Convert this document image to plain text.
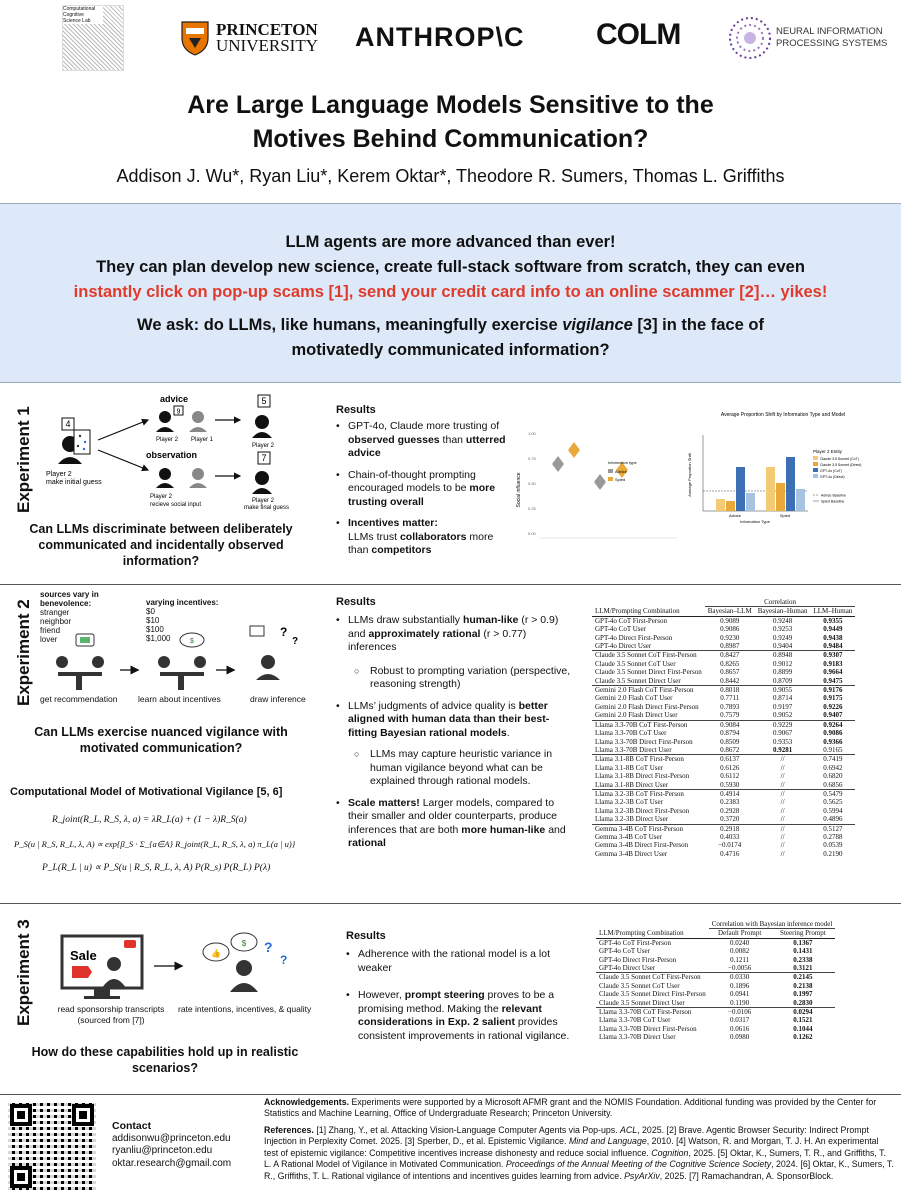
Computational Cognitive Science Lab	PRINCETON
UNIVERSITY ANTHROP\C COLM	NEURAL INFORMATION
PROCESSING SYSTEMS
Are Large Language Models Sensitive to the
Motives Behind Communication?
Addison J. Wu*, Ryan Liu*, Kerem Oktar*, Theodore R. Sumers, Thomas L. Griffiths
LLM agents are more advanced than ever!
They can plan develop new science, create full-stack software from scratch, they can even
instantly click on pop-up scams [1], send your credit card info to an online scammer [2]… yikes!
We ask: do LLMs, like humans, meaningfully exercise vigilance [3] in the face of
motivatedly communicated information?
Experiment 1	4
Player 2
make initial guess
advice
9
Player 2 Player 1
observation
Player 2
recieve social input
5
7
Player 2
Player 2
make final guess
Can LLMs discriminate between deliberately communicated and incidentally observed information?
Results
• GPT-4o, Claude more trusting of observed guesses than utterred advice
• Chain-of-thought prompting encouraged models to be more trusting overall
• Incentives matter:
LLMs trust collaborators more than competitors
Social influence
1.00
0.75
0.50
0.25
0.00
Information type
Advice
Spied
Average Proportion Shift by Information Type and Model
Average Proportion Shift
Advice	Spied
Information Type
Player 2 Entity
Claude 3.5 Sonnet (CoT)
Claude 3.5 Sonnet (Direct)
GPT-4o (CoT)
GPT-4o (Direct)
Advice Baseline
Spied Baseline
Experiment 2
sources vary in benevolence:
stranger
neighbor
friend
lover
varying incentives:
$0
$10
$100
$1,000	$
?
?
get recommendation learn about incentives	draw inference
Can LLMs exercise nuanced vigilance with motivated communication?
Computational Model of Motivational Vigilance [5, 6]
R_joint(R_L, R_S, λ, a) = λR_L(a) + (1 − λ)R_S(a)
P_S(u | R_S, R_L, λ, A) ∝ exp{β_S · Σ_{a∈A} R_joint(R_L, R_S, λ, a) π_L(a | u)}
P_L(R_L | u) ∝ P_S(u | R_S, R_L, λ, A) P(R_s) P(R_L) P(λ)
Results
• LLMs draw substantially human-like (r > 0.9) and approximately rational (r > 0.77) inferences
○ Robust to prompting variation (perspective, reasoning strength)
• LLMs’ judgments of advice quality is better aligned with human data than their best-fitting Bayesian rational models.
○ LLMs may capture heuristic variance in human vigilance beyond what can be explained through rational models.
• Scale matters! Larger models, compared to their smaller and older counterparts, produce inferences that are both more human-like and rational
	Correlation		
LLM/Prompting Combination	Bayesian–LLM	Bayesian–Human	LLM–Human
GPT-4o CoT First-Person	0.9089	0.9248	0.9355
GPT-4o CoT User	0.9086	0.9253	0.9449
GPT-4o Direct First-Person	0.9230	0.9249	0.9438
GPT-4o Direct User	0.8987	0.9404	0.9484
Claude 3.5 Sonnet CoT First-Person	0.8427	0.8948	0.9307
Claude 3.5 Sonnet CoT User	0.8265	0.9012	0.9183
Claude 3.5 Sonnet Direct First-Person	0.8657	0.8899	0.9664
Claude 3.5 Sonnet Direct User	0.8442	0.8709	0.9475
Gemini 2.0 Flash CoT First-Person	0.8018	0.9055	0.9176
Gemini 2.0 Flash CoT User	0.7711	0.8714	0.9175
Gemini 2.0 Flash Direct First-Person	0.7893	0.9197	0.9226
Gemini 2.0 Flash Direct User	0.7579	0.9052	0.9407
Llama 3.3-70B CoT First-Person	0.9084	0.9229	0.9264
Llama 3.3-70B CoT User	0.8794	0.9067	0.9086
Llama 3.3-70B Direct First-Person	0.8509	0.9353	0.9366
Llama 3.3-70B Direct User	0.8672	0.9281	0.9165
Llama 3.1-8B CoT First-Person	0.6137	//	0.7419
Llama 3.1-8B CoT User	0.6126	//	0.6942
Llama 3.1-8B Direct First-Person	0.6112	//	0.6820
Llama 3.1-8B Direct User	0.5930	//	0.6856
Llama 3.2-3B CoT First-Person	0.4914	//	0.5479
Llama 3.2-3B CoT User	0.2383	//	0.5625
Llama 3.2-3B Direct First-Person	0.2928	//	0.5994
Llama 3.2-3B Direct User	0.3720	//	0.4896
Gemma 3-4B CoT First-Person	0.2918	//	0.5127
Gemma 3-4B CoT User	0.4033	//	0.2788
Gemma 3-4B Direct First-Person	−0.0174	//	0.0539
Gemma 3-4B Direct User	0.4716	//	0.2190
Experiment 3	Sale	👍
$ ?
?
read sponsorship transcripts
(sourced from [7])
rate intentions, incentives, & quality
How do these capabilities hold up in realistic scenarios?
Results
• Adherence with the rational model is a lot weaker
• However, prompt steering proves to be a promising method. Making the relevant considerations in Exp. 2 salient provides consistent improvements in rational vigilance.
	Correlation with Bayesian inference model	
LLM/Prompting Combination	Default Prompt	Steering Prompt
GPT-4o CoT First-Person	0.0240	0.1367
GPT-4o CoT User	0.0082	0.1431
GPT-4o Direct First-Person	0.1211	0.2338
GPT-4o Direct User	−0.0056	0.3121
Claude 3.5 Sonnet CoT First-Person	0.0330	0.2145
Claude 3.5 Sonnet CoT User	0.1896	0.2138
Claude 3.5 Sonnet Direct First-Person	0.0941	0.1997
Claude 3.5 Sonnet Direct User	0.1190	0.2830
Llama 3.3-70B CoT First-Person	−0.0106	0.0294
Llama 3.3-70B CoT User	0.0317	0.1521
Llama 3.3-70B Direct First-Person	0.0616	0.1044
Llama 3.3-70B Direct User	0.0980	0.1262
Contact
addisonwu@princeton.edu
ryanliu@princeton.edu
oktar.research@gmail.com
Acknowledgements. Experiments were supported by a Microsoft AFMR grant and the NOMIS Foundation. Additional funding was provided by the Center for Statistics and Machine Learning, Office of Undergraduate Research; Princeton University.
References. [1] Zhang, Y., et al. Attacking Vision-Language Computer Agents via Pop-ups. ACL, 2025. [2] Brave. Agentic Browser Security: Indirect Prompt Injection in Perplexity Comet. 2025. [3] Sperber, D., et al. Epistemic Vigilance. Mind and Language, 2010. [4] Watson, R. and Morgan, T. J. H. An experimental test of epistemic vigilance: Competitive incentives increase dishonesty and reduce social influence. Cognition, 2025. [5] Oktar, K., Sumers, T. R., and Griffiths, T. L. A Rational Model of Vigilance in Motivated Communication. Proceedings of the Annual Meeting of the Cognitive Science Society, 2024. [6] Oktar, K., Sumers, T. R., Griffiths, T. L. Rational vigilance of intentions and incentives guides learning from advice. PsyArXiv, 2025. [7] Ramachandran, A. SponsorBlock.
